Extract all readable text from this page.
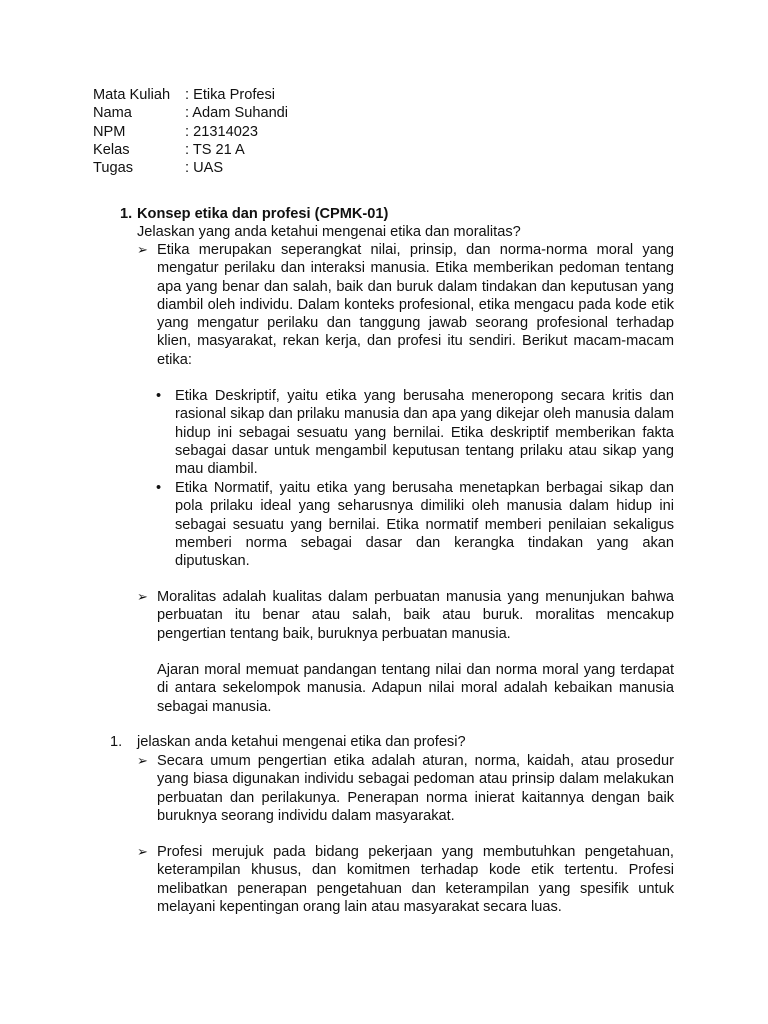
Mata Kuliah	: Etika Profesi
Nama	: Adam Suhandi
NPM	: 21314023
Kelas	: TS 21 A
Tugas	: UAS
1. Konsep etika dan profesi (CPMK-01)
Jelaskan yang anda ketahui mengenai etika dan moralitas?
➢ Etika merupakan seperangkat nilai, prinsip, dan norma-norma moral yang mengatur perilaku dan interaksi manusia. Etika memberikan pedoman tentang apa yang benar dan salah, baik dan buruk dalam tindakan dan keputusan yang diambil oleh individu. Dalam konteks profesional, etika mengacu pada kode etik yang mengatur perilaku dan tanggung jawab seorang profesional terhadap klien, masyarakat, rekan kerja, dan profesi itu sendiri. Berikut macam-macam etika:
• Etika Deskriptif, yaitu etika yang berusaha meneropong secara kritis dan rasional sikap dan prilaku manusia dan apa yang dikejar oleh manusia dalam hidup ini sebagai sesuatu yang bernilai. Etika deskriptif memberikan fakta sebagai dasar untuk mengambil keputusan tentang prilaku atau sikap yang mau diambil.
• Etika Normatif, yaitu etika yang berusaha menetapkan berbagai sikap dan pola prilaku ideal yang seharusnya dimiliki oleh manusia dalam hidup ini sebagai sesuatu yang bernilai. Etika normatif memberi penilaian sekaligus memberi norma sebagai dasar dan kerangka tindakan yang akan diputuskan.
➢ Moralitas adalah kualitas dalam perbuatan manusia yang menunjukan bahwa perbuatan itu benar atau salah, baik atau buruk. moralitas mencakup pengertian tentang baik, buruknya perbuatan manusia.
Ajaran moral memuat pandangan tentang nilai dan norma moral yang terdapat di antara sekelompok manusia. Adapun nilai moral adalah kebaikan manusia sebagai manusia.
1. jelaskan anda ketahui mengenai etika dan profesi?
➢ Secara umum pengertian etika adalah aturan, norma, kaidah, atau prosedur yang biasa digunakan individu sebagai pedoman atau prinsip dalam melakukan perbuatan dan perilakunya. Penerapan norma inierat kaitannya dengan baik buruknya seorang individu dalam masyarakat.
➢ Profesi merujuk pada bidang pekerjaan yang membutuhkan pengetahuan, keterampilan khusus, dan komitmen terhadap kode etik tertentu. Profesi melibatkan penerapan pengetahuan dan keterampilan yang spesifik untuk melayani kepentingan orang lain atau masyarakat secara luas.
